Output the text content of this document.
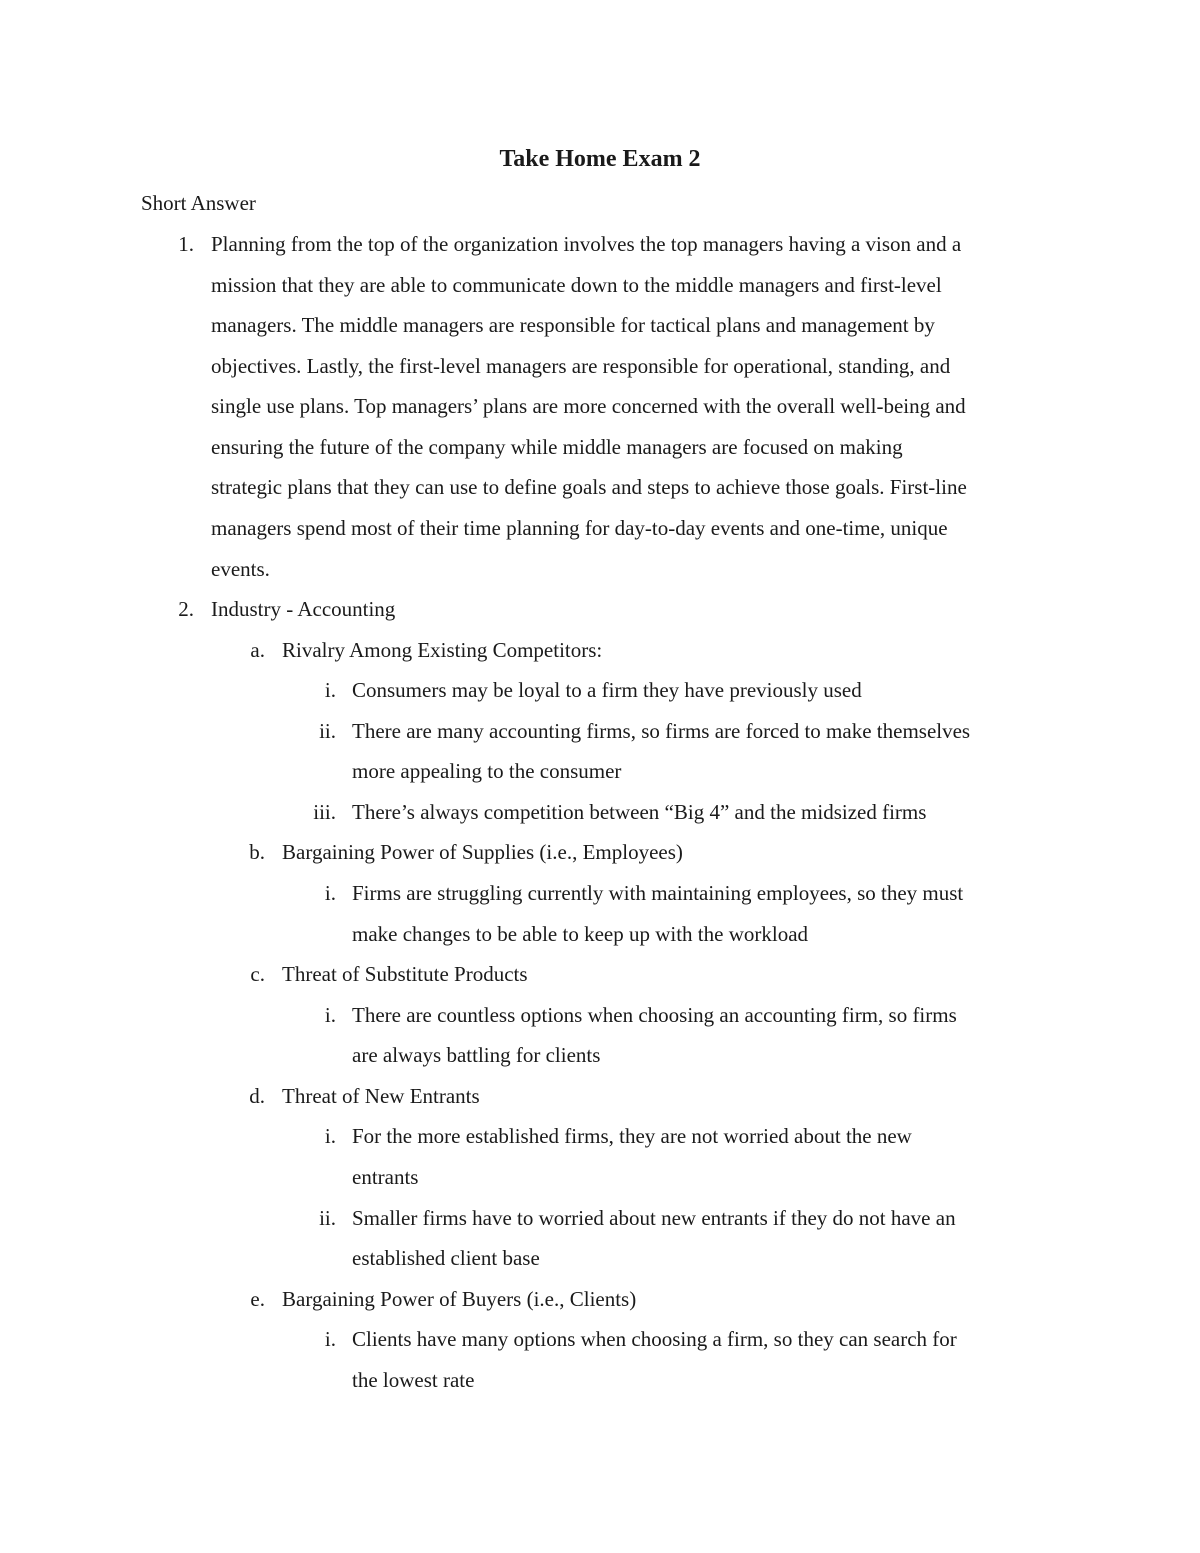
Take Home Exam 2
Short Answer
1. Planning from the top of the organization involves the top managers having a vison and a
mission that they are able to communicate down to the middle managers and first-level
managers. The middle managers are responsible for tactical plans and management by
objectives. Lastly, the first-level managers are responsible for operational, standing, and
single use plans. Top managers’ plans are more concerned with the overall well-being and
ensuring the future of the company while middle managers are focused on making
strategic plans that they can use to define goals and steps to achieve those goals. First-line
managers spend most of their time planning for day-to-day events and one-time, unique
events.
2. Industry - Accounting
a. Rivalry Among Existing Competitors:
i. Consumers may be loyal to a firm they have previously used
ii. There are many accounting firms, so firms are forced to make themselves
more appealing to the consumer
iii. There’s always competition between “Big 4” and the midsized firms
b. Bargaining Power of Supplies (i.e., Employees)
i. Firms are struggling currently with maintaining employees, so they must
make changes to be able to keep up with the workload
c. Threat of Substitute Products
i. There are countless options when choosing an accounting firm, so firms
are always battling for clients
d. Threat of New Entrants
i. For the more established firms, they are not worried about the new
entrants
ii. Smaller firms have to worried about new entrants if they do not have an
established client base
e. Bargaining Power of Buyers (i.e., Clients)
i. Clients have many options when choosing a firm, so they can search for
the lowest rate
